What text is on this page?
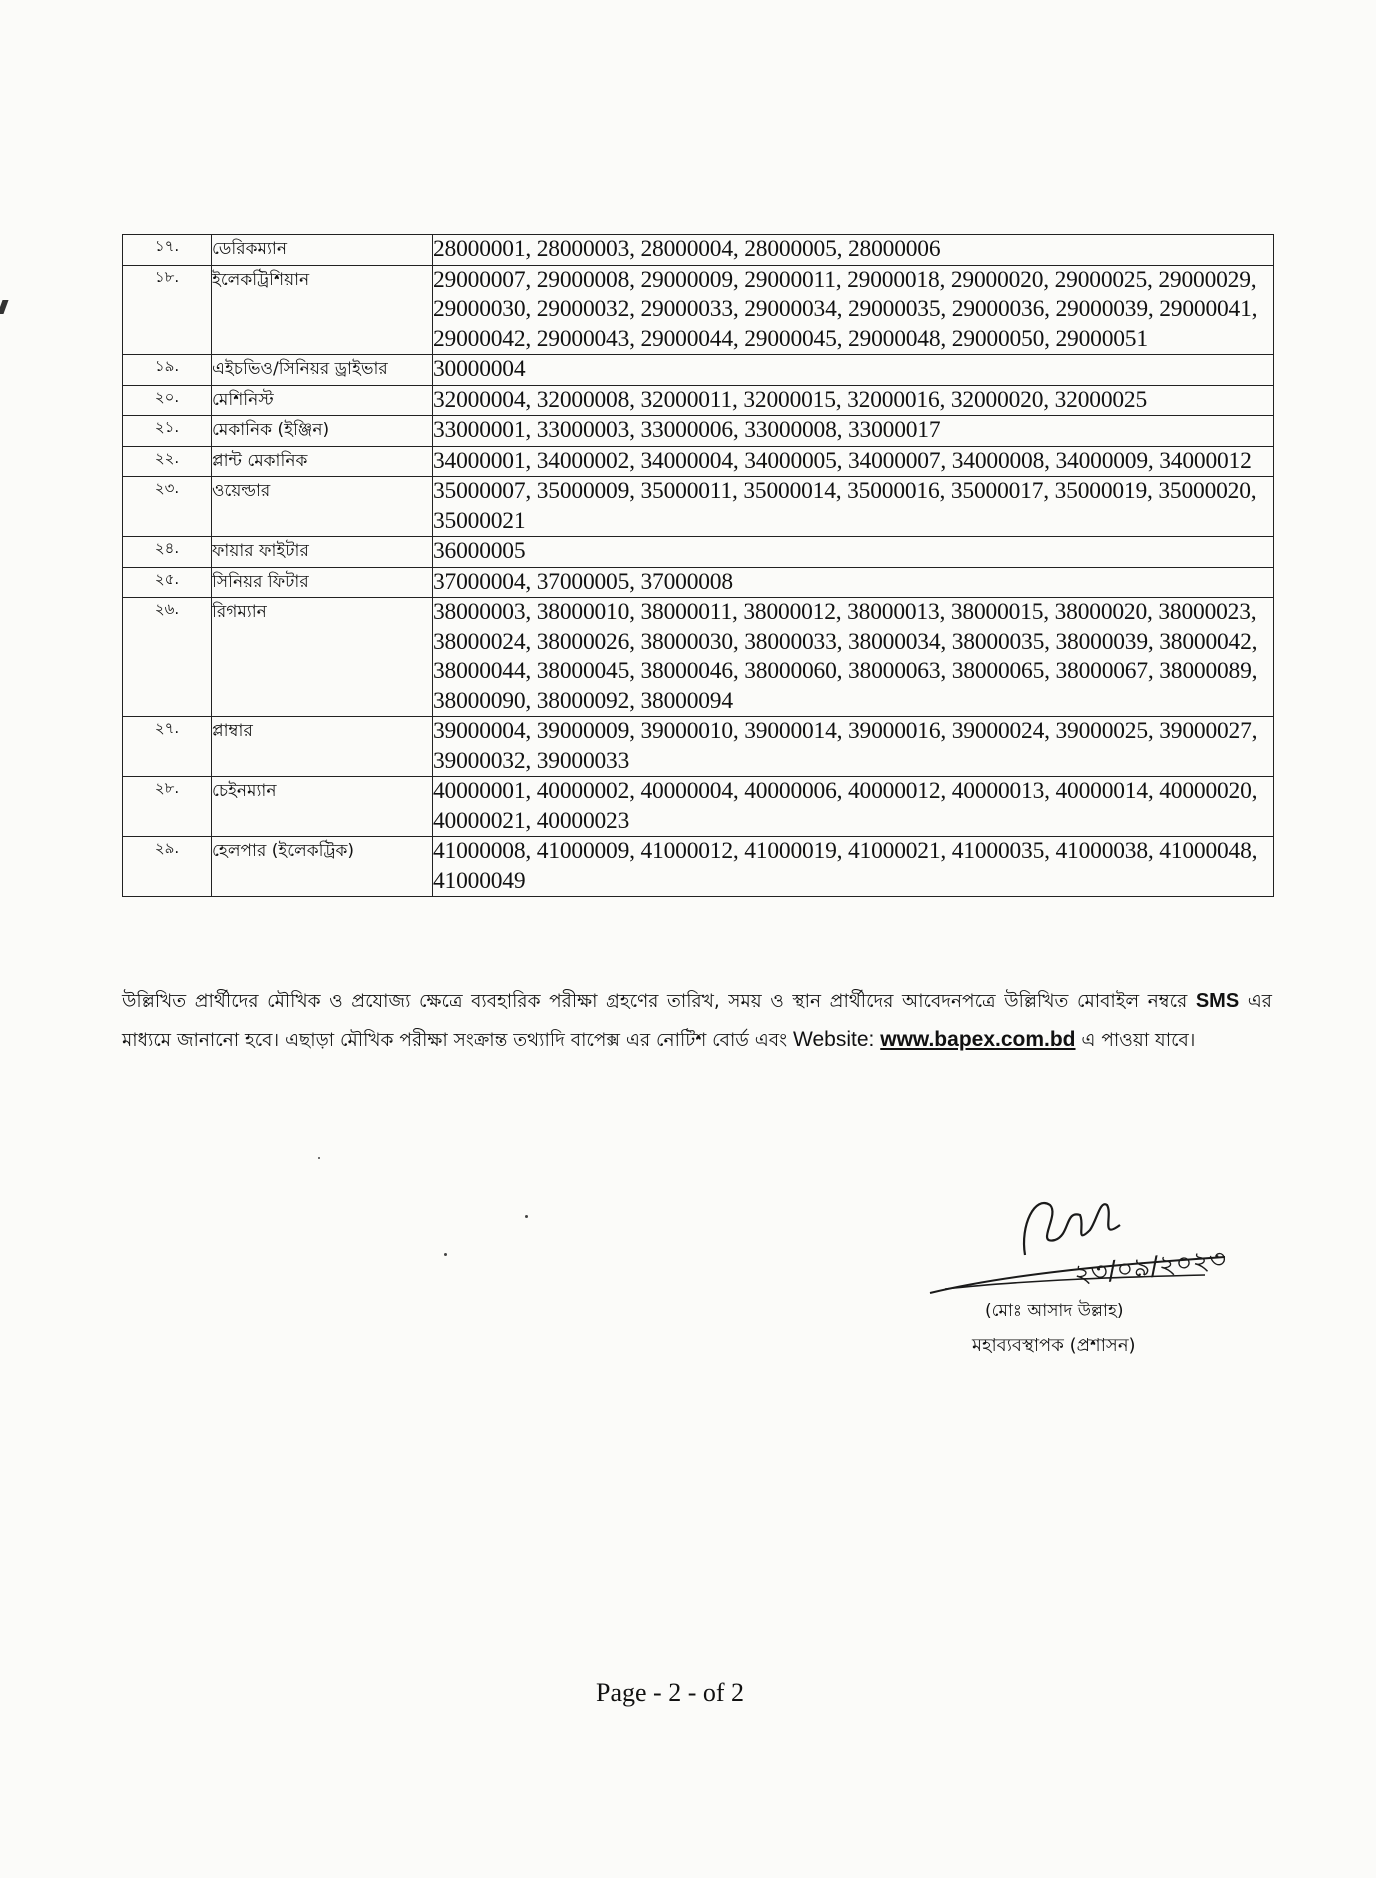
১৭.	ডেরিকম্যান	28000001, 28000003, 28000004, 28000005, 28000006
১৮.	ইলেকট্রিশিয়ান	29000007, 29000008, 29000009, 29000011, 29000018, 29000020, 29000025, 29000029, 29000030, 29000032, 29000033, 29000034, 29000035, 29000036, 29000039, 29000041, 29000042, 29000043, 29000044, 29000045, 29000048, 29000050, 29000051
১৯.	এইচভিও/সিনিয়র ড্রাইভার	30000004
২০.	মেশিনিস্ট	32000004, 32000008, 32000011, 32000015, 32000016, 32000020, 32000025
২১.	মেকানিক (ইঞ্জিন)	33000001, 33000003, 33000006, 33000008, 33000017
২২.	প্লান্ট মেকানিক	34000001, 34000002, 34000004, 34000005, 34000007, 34000008, 34000009, 34000012
২৩.	ওয়েল্ডার	35000007, 35000009, 35000011, 35000014, 35000016, 35000017, 35000019, 35000020, 35000021
২৪.	ফায়ার ফাইটার	36000005
২৫.	সিনিয়র ফিটার	37000004, 37000005, 37000008
২৬.	রিগম্যান	38000003, 38000010, 38000011, 38000012, 38000013, 38000015, 38000020, 38000023, 38000024, 38000026, 38000030, 38000033, 38000034, 38000035, 38000039, 38000042, 38000044, 38000045, 38000046, 38000060, 38000063, 38000065, 38000067, 38000089, 38000090, 38000092, 38000094
২৭.	প্লাম্বার	39000004, 39000009, 39000010, 39000014, 39000016, 39000024, 39000025, 39000027, 39000032, 39000033
২৮.	চেইনম্যান	40000001, 40000002, 40000004, 40000006, 40000012, 40000013, 40000014, 40000020, 40000021, 40000023
২৯.	হেলপার (ইলেকট্রিক)	41000008, 41000009, 41000012, 41000019, 41000021, 41000035, 41000038, 41000048, 41000049

উল্লিখিত প্রার্থীদের মৌখিক ও প্রযোজ্য ক্ষেত্রে ব্যবহারিক পরীক্ষা গ্রহণের তারিখ, সময় ও স্থান প্রার্থীদের আবেদনপত্রে উল্লিখিত মোবাইল নম্বরে SMS এর মাধ্যমে জানানো হবে। এছাড়া মৌখিক পরীক্ষা সংক্রান্ত তথ্যাদি বাপেক্স এর নোটিশ বোর্ড এবং Website: www.bapex.com.bd এ পাওয়া যাবে।

২৩/০৯/২০২৩
(মোঃ আসাদ উল্লাহ)
মহাব্যবস্থাপক (প্রশাসন)
Page - 2 - of 2
